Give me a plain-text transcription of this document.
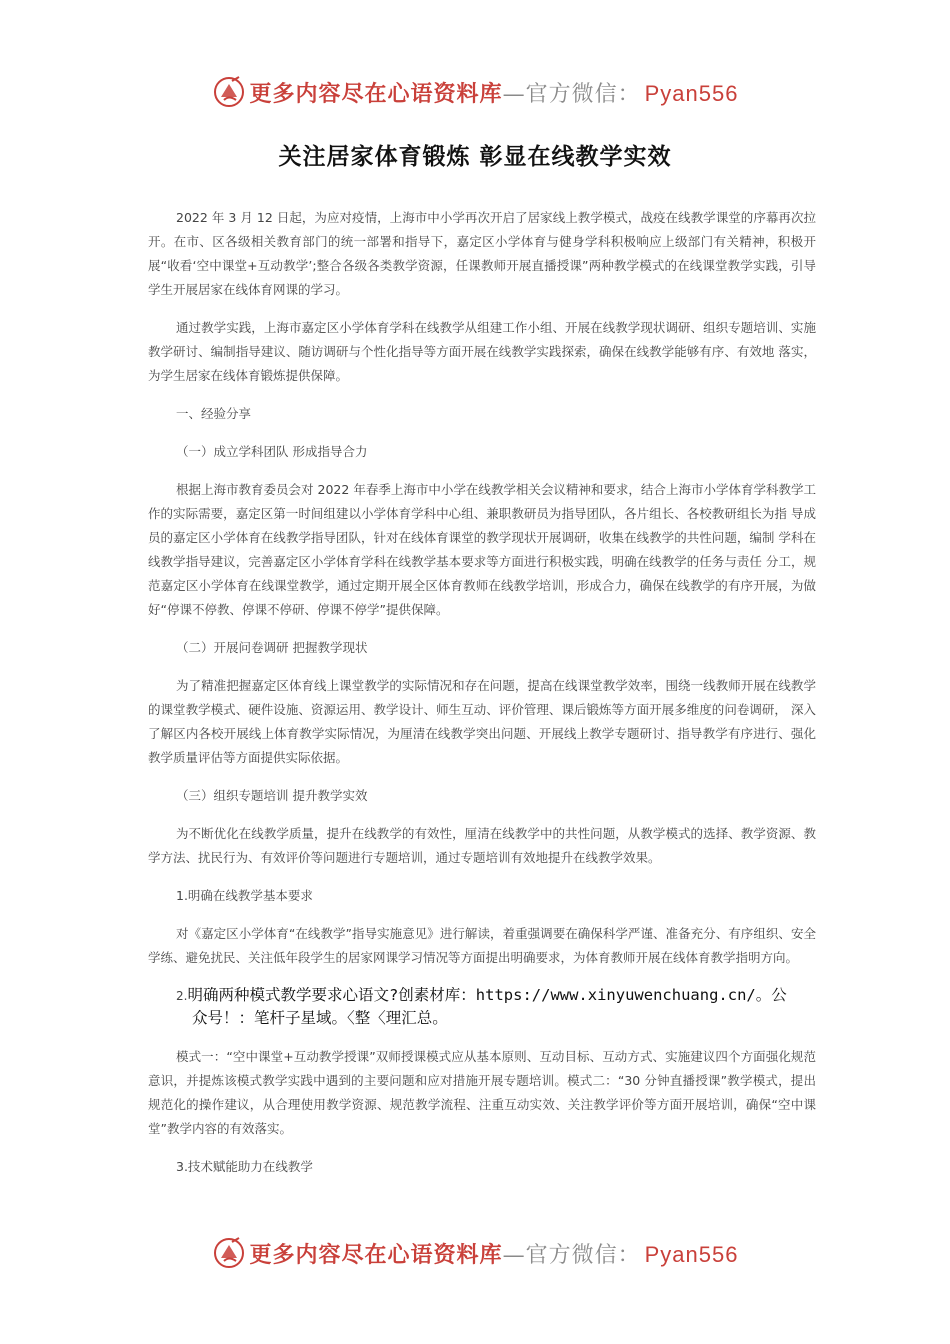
更多内容尽在心语资料库—官方微信： Pyan556
关注居家体育锻炼 彰显在线教学实效

2022 年 3 月 12 日起，为应对疫情，上海市中小学再次开启了居家线上教学模式，战疫在线教学课堂的序幕再次拉开。在市、区各级相关教育部门的统一部署和指导下，嘉定区小学体育与健身学科积极响应上级部门有关精神，积极开展“收看‘空中课堂+互动教学’;整合各级各类教学资源，任课教师开展直播授课”两种教学模式的在线课堂教学实践，引导学生开展居家在线体育网课的学习。

通过教学实践，上海市嘉定区小学体育学科在线教学从组建工作小组、开展在线教学现状调研、组织专题培训、实施教学研讨、编制指导建议、随访调研与个性化指导等方面开展在线教学实践探索，确保在线教学能够有序、有效地 落实，为学生居家在线体育锻炼提供保障。

一、经验分享

（一）成立学科团队 形成指导合力

根据上海市教育委员会对 2022 年春季上海市中小学在线教学相关会议精神和要求，结合上海市小学体育学科教学工作的实际需要，嘉定区第一时间组建以小学体育学科中心组、兼职教研员为指导团队，各片组长、各校教研组长为指 导成员的嘉定区小学体育在线教学指导团队，针对在线体育课堂的教学现状开展调研，收集在线教学的共性问题，编制 学科在线教学指导建议，完善嘉定区小学体育学科在线教学基本要求等方面进行积极实践，明确在线教学的任务与责任 分工，规范嘉定区小学体育在线课堂教学，通过定期开展全区体育教师在线教学培训，形成合力，确保在线教学的有序开展，为做好“停课不停教、停课不停研、停课不停学”提供保障。

（二）开展问卷调研 把握教学现状

为了精准把握嘉定区体育线上课堂教学的实际情况和存在问题，提高在线课堂教学效率，围绕一线教师开展在线教学的课堂教学模式、硬件设施、资源运用、教学设计、师生互动、评价管理、课后锻炼等方面开展多维度的问卷调研， 深入了解区内各校开展线上体育教学实际情况，为厘清在线教学突出问题、开展线上教学专题研讨、指导教学有序进行、强化教学质量评估等方面提供实际依据。

（三）组织专题培训 提升教学实效

为不断优化在线教学质量，提升在线教学的有效性，厘清在线教学中的共性问题，从教学模式的选择、教学资源、教学方法、扰民行为、有效评价等问题进行专题培训，通过专题培训有效地提升在线教学效果。

1.明确在线教学基本要求

对《嘉定区小学体育“在线教学”指导实施意见》进行解读，着重强调要在确保科学严谨、准备充分、有序组织、安全学练、避免扰民、关注低年段学生的居家网课学习情况等方面提出明确要求，为体育教师开展在线体育教学指明方向。

2.明确两种模式教学要求心语文?创素材库：https://www.xinyuwenchuang.cn/。公
众号！：笔杆子星域。〈整〈理汇总。

模式一：“空中课堂+互动教学授课”双师授课模式应从基本原则、互动目标、互动方式、实施建议四个方面强化规范意识，并提炼该模式教学实践中遇到的主要问题和应对措施开展专题培训。模式二：“30 分钟直播授课”教学模式，提出规范化的操作建议，从合理使用教学资源、规范教学流程、注重互动实效、关注教学评价等方面开展培训，确保“空中课堂”教学内容的有效落实。

3.技术赋能助力在线教学

更多内容尽在心语资料库—官方微信： Pyan556
